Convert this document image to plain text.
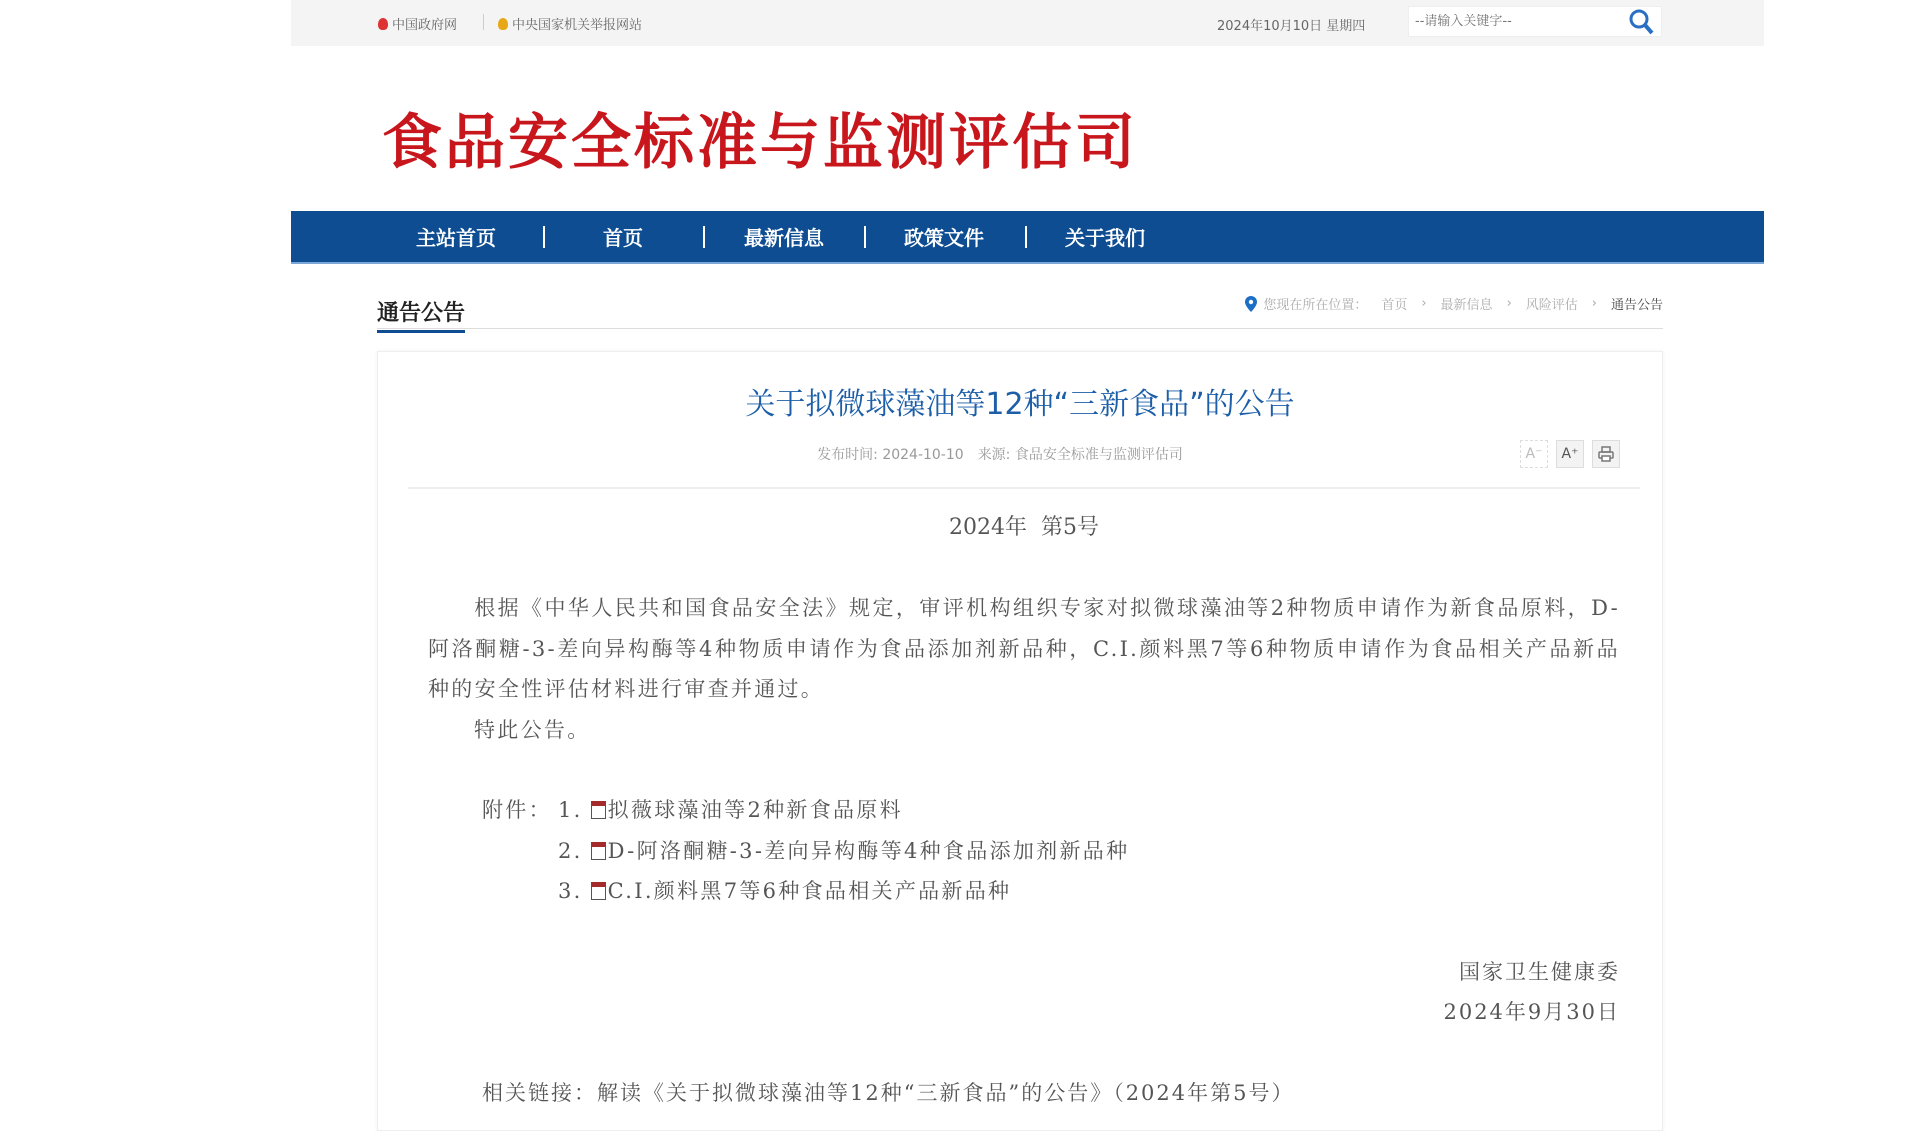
中国政府网	中央国家机关举报网站	2024年10月10日 星期四
--请输入关键字--
食品安全标准与监测评估司
主站首页	首页	最新信息	政策文件	关于我们
通告公告	您现在所在位置： 首页 › 最新信息 › 风险评估 › 通告公告
关于拟微球藻油等12种“三新食品”的公告
发布时间: 2024-10-10 来源: 食品安全标准与监测评估司	A⁻	A⁺
2024年  第5号

根据《中华人民共和国食品安全法》规定，审评机构组织专家对拟微球藻油等2种物质申请作为新食品原料，D-阿洛酮糖-3-差向异构酶等4种物质申请作为食品添加剂新品种，C.I.颜料黑7等6种物质申请作为食品相关产品新品种的安全性评估材料进行审查并通过。

特此公告。
附件： 1.	拟薇球藻油等2种新食品原料
2.	D-阿洛酮糖-3-差向异构酶等4种食品添加剂新品种
3.	C.I.颜料黑7等6种食品相关产品新品种
国家卫生健康委
2024年9月30日
相关链接：解读《关于拟微球藻油等12种“三新食品”的公告》（2024年第5号）
